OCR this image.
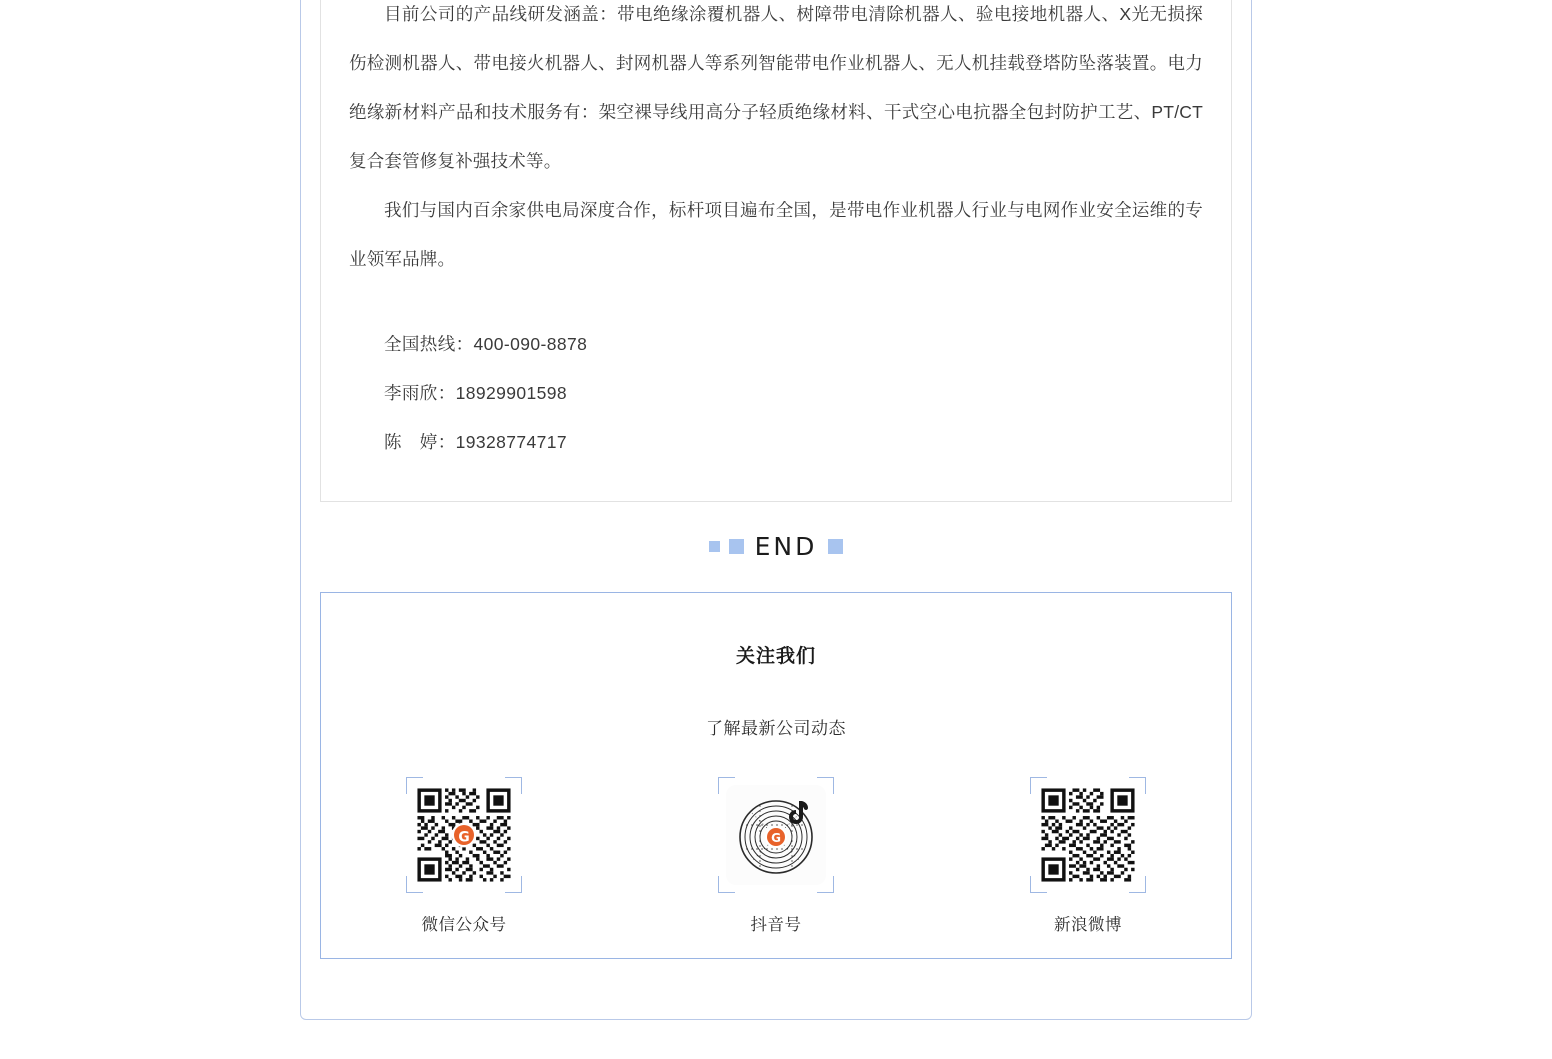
目前公司的产品线研发涵盖：带电绝缘涂覆机器人、树障带电清除机器人、验电接地机器人、X光无损探伤检测机器人、带电接火机器人、封网机器人等系列智能带电作业机器人、无人机挂载登塔防坠落装置。电力绝缘新材料产品和技术服务有：架空裸导线用高分子轻质绝缘材料、干式空心电抗器全包封防护工艺、PT/CT复合套管修复补强技术等。

我们与国内百余家供电局深度合作，标杆项目遍布全国，是带电作业机器人行业与电网作业安全运维的专业领军品牌。

全国热线：400-090-8878
李雨欣：18929901598
陈　婷：19328774717
END
关注我们
了解最新公司动态
G
微信公众号
G
抖音号	新浪微博
